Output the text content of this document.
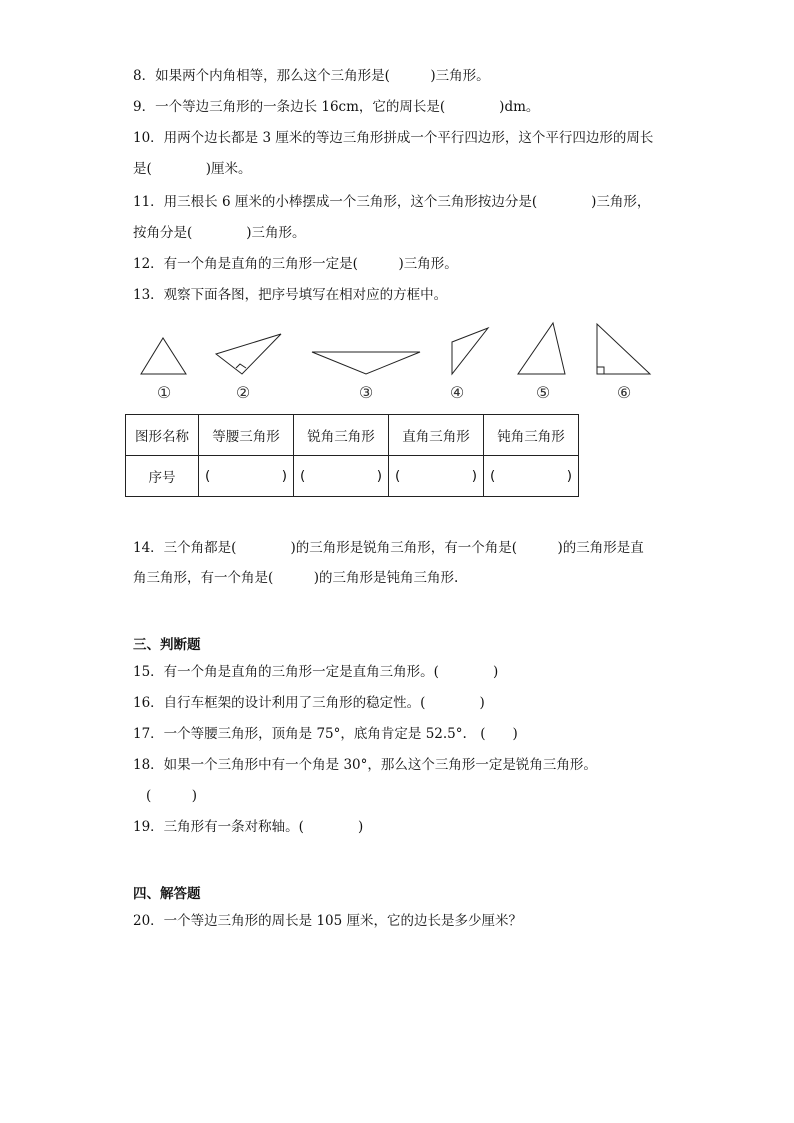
8．如果两个内角相等，那么这个三角形是(　　　)三角形。
9．一个等边三角形的一条边长 16cm，它的周长是(　　　　)dm。
10．用两个边长都是 3 厘米的等边三角形拼成一个平行四边形，这个平行四边形的周长
是(　　　　)厘米。
11．用三根长 6 厘米的小棒摆成一个三角形，这个三角形按边分是(　　　　)三角形，
按角分是(　　　　)三角形。
12．有一个角是直角的三角形一定是(　　　)三角形。
13．观察下面各图，把序号填写在相对应的方框中。
①	②	③	④	⑤	⑥
图形名称	等腰三角形	锐角三角形	直角三角形	钝角三角形
序号	( )	( )	( )	( )
14．三个角都是(　　　　)的三角形是锐角三角形，有一个角是(　　　)的三角形是直
角三角形，有一个角是(　　　)的三角形是钝角三角形.
三、判断题
15．有一个角是直角的三角形一定是直角三角形。(　　　　)
16．自行车框架的设计利用了三角形的稳定性。(　　　　)
17．一个等腰三角形，顶角是 75°，底角肯定是 52.5°.　(　　)
18．如果一个三角形中有一个角是 30°，那么这个三角形一定是锐角三角形。
(　　　)
19．三角形有一条对称轴。(　　　　)
四、解答题
20．一个等边三角形的周长是 105 厘米，它的边长是多少厘米？
